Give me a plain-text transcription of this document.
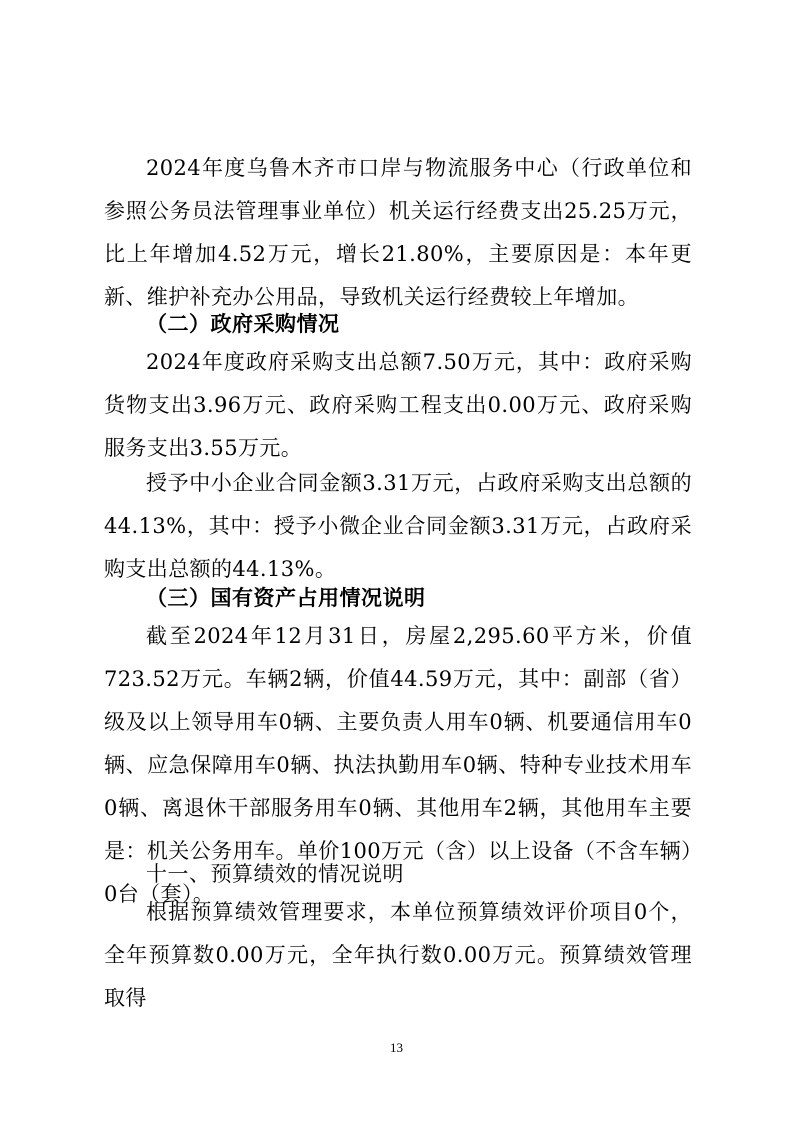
2024年度乌鲁木齐市口岸与物流服务中心（行政单位和参照公务员法管理事业单位）机关运行经费支出25.25万元，比上年增加4.52万元，增长21.80%，主要原因是：本年更新、维护补充办公用品，导致机关运行经费较上年增加。

（二）政府采购情况

2024年度政府采购支出总额7.50万元，其中：政府采购货物支出3.96万元、政府采购工程支出0.00万元、政府采购服务支出3.55万元。

授予中小企业合同金额3.31万元，占政府采购支出总额的44.13%，其中：授予小微企业合同金额3.31万元，占政府采购支出总额的44.13%。

（三）国有资产占用情况说明

截至2024年12月31日，房屋2,295.60平方米，价值723.52万元。车辆2辆，价值44.59万元，其中：副部（省）级及以上领导用车0辆、主要负责人用车0辆、机要通信用车0辆、应急保障用车0辆、执法执勤用车0辆、特种专业技术用车0辆、离退休干部服务用车0辆、其他用车2辆，其他用车主要是：机关公务用车。单价100万元（含）以上设备（不含车辆）0台（套）。

十一、预算绩效的情况说明

根据预算绩效管理要求，本单位预算绩效评价项目0个，全年预算数0.00万元，全年执行数0.00万元。预算绩效管理取得

13
